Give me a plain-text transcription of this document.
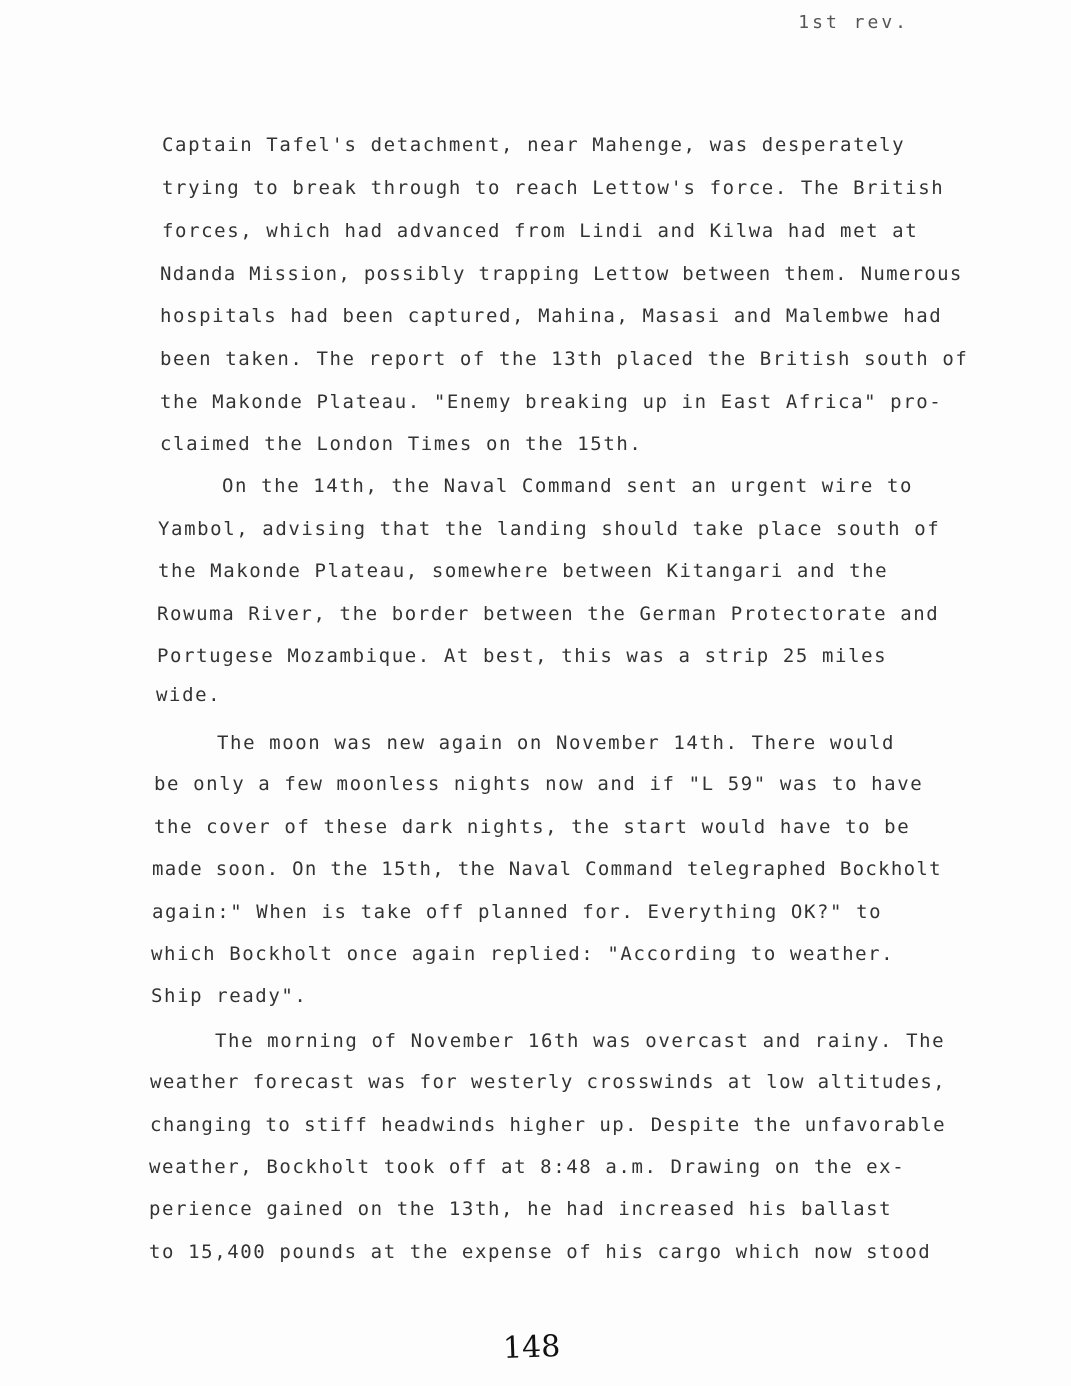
1st rev.
Captain Tafel's detachment, near Mahenge, was desperately
trying to break through to reach Lettow's force. The British
forces, which had advanced from Lindi and Kilwa had met at
Ndanda Mission, possibly trapping Lettow between them. Numerous
hospitals had been captured, Mahina, Masasi and Malembwe had
been taken. The report of the 13th placed the British south of
the Makonde Plateau. "Enemy breaking up in East Africa" pro-
claimed the London Times on the 15th.
On the 14th, the Naval Command sent an urgent wire to
Yambol, advising that the landing should take place south of
the Makonde Plateau, somewhere between Kitangari and the
Rowuma River, the border between the German Protectorate and
Portugese Mozambique. At best, this was a strip 25 miles
wide.
The moon was new again on November 14th. There would
be only a few moonless nights now and if "L 59" was to have
the cover of these dark nights, the start would have to be
made soon. On the 15th, the Naval Command telegraphed Bockholt
again:" When is take off planned for. Everything OK?" to
which Bockholt once again replied: "According to weather.
Ship ready".
The morning of November 16th was overcast and rainy. The
weather forecast was for westerly crosswinds at low altitudes,
changing to stiff headwinds higher up. Despite the unfavorable
weather, Bockholt took off at 8:48 a.m. Drawing on the ex-
perience gained on the 13th, he had increased his ballast
to 15,400 pounds at the expense of his cargo which now stood
148
